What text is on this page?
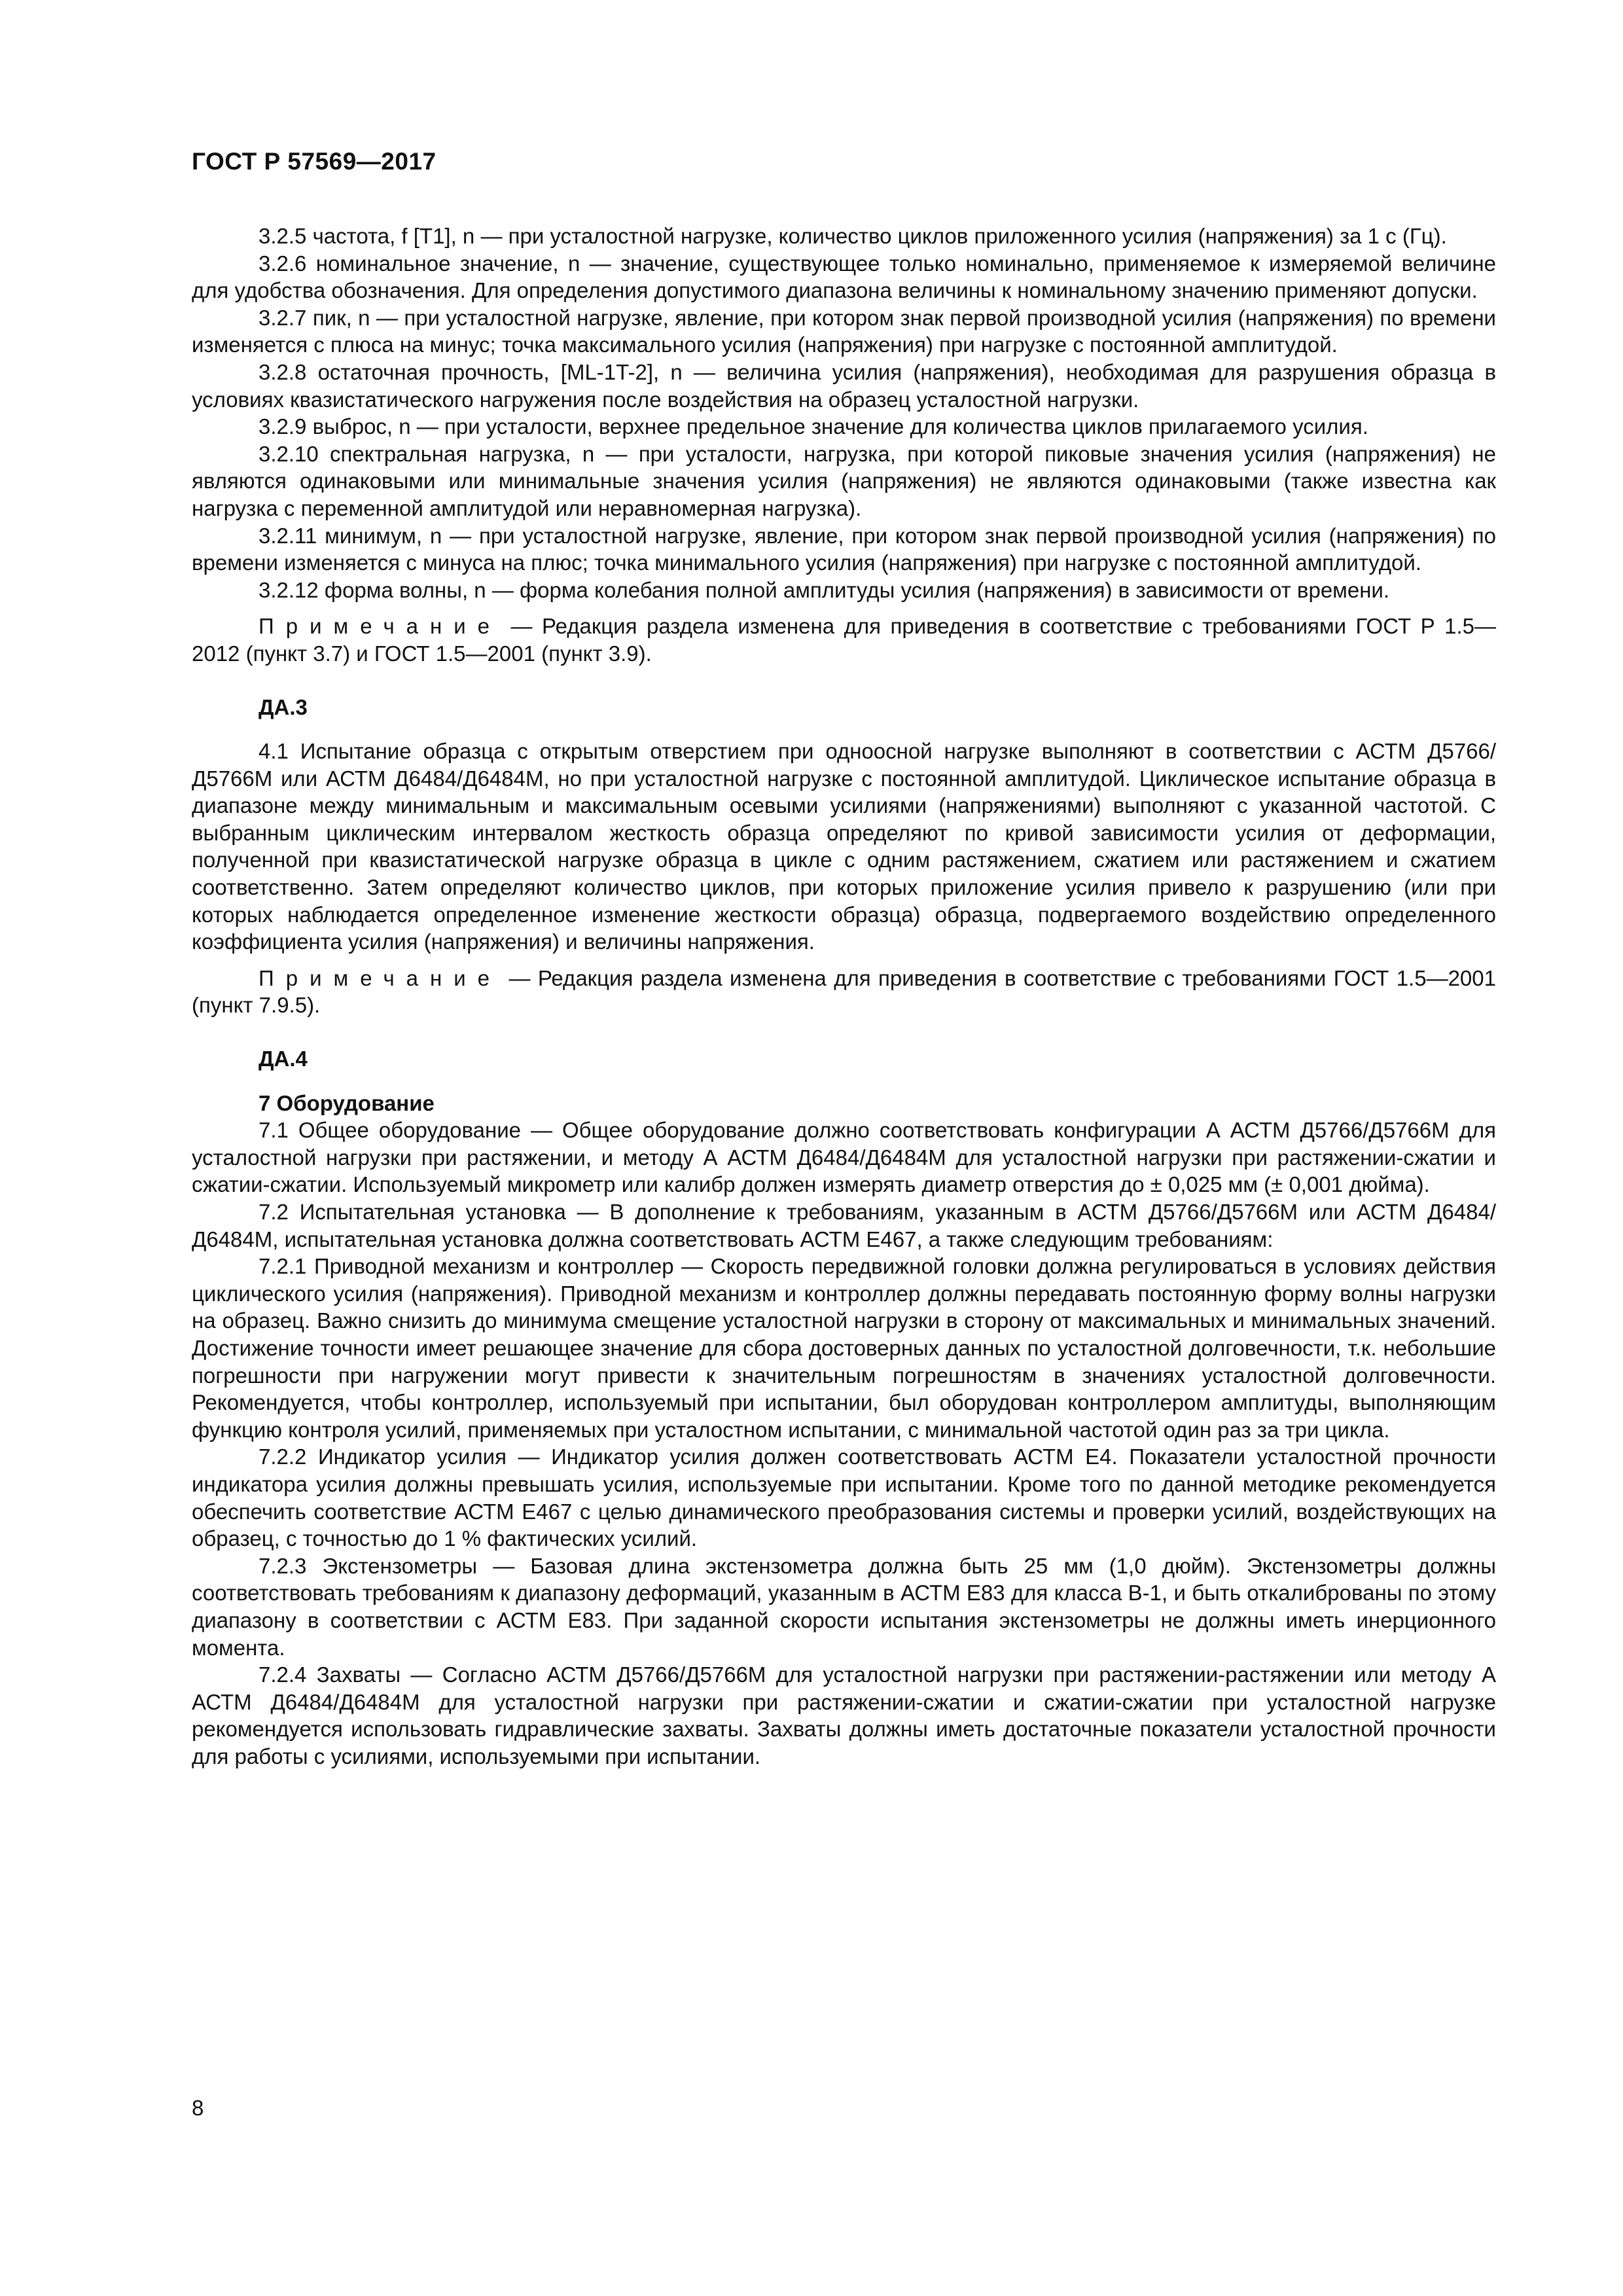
ГОСТ Р 57569—2017

3.2.5 частота, f [T1], n — при усталостной нагрузке, количество циклов приложенного усилия (напряжения) за 1 с (Гц).

3.2.6 номинальное значение, n — значение, существующее только номинально, применяемое к измеряемой величине для удобства обозначения. Для определения допустимого диапазона величины к номинальному значению применяют допуски.

3.2.7 пик, n — при усталостной нагрузке, явление, при котором знак первой производной усилия (напряжения) по времени изменяется с плюса на минус; точка максимального усилия (напряжения) при нагрузке с постоянной амплитудой.

3.2.8 остаточная прочность, [ML-1T-2], n — величина усилия (напряжения), необходимая для разрушения образца в условиях квазистатического нагружения после воздействия на образец усталостной нагрузки.

3.2.9 выброс, n — при усталости, верхнее предельное значение для количества циклов прилагаемого усилия.

3.2.10 спектральная нагрузка, n — при усталости, нагрузка, при которой пиковые значения усилия (напряжения) не являются одинаковыми или минимальные значения усилия (напряжения) не являются одинаковыми (также известна как нагрузка с переменной амплитудой или неравномерная нагрузка).

3.2.11 минимум, n — при усталостной нагрузке, явление, при котором знак первой производной усилия (напряжения) по времени изменяется с минуса на плюс; точка минимального усилия (напряжения) при нагрузке с постоянной амплитудой.

3.2.12 форма волны, n — форма колебания полной амплитуды усилия (напряжения) в зависимости от времени.

Примечание — Редакция раздела изменена для приведения в соответствие с требованиями ГОСТ Р 1.5—2012 (пункт 3.7) и ГОСТ 1.5—2001 (пункт 3.9).

ДА.3

4.1 Испытание образца с открытым отверстием при одноосной нагрузке выполняют в соответствии с АСТМ Д5766/Д5766М или АСТМ Д6484/Д6484М, но при усталостной нагрузке с постоянной амплитудой. Циклическое испытание образца в диапазоне между минимальным и максимальным осевыми усилиями (напряжениями) выполняют с указанной частотой. С выбранным циклическим интервалом жесткость образца определяют по кривой зависимости усилия от деформации, полученной при квазистатической нагрузке образца в цикле с одним растяжением, сжатием или растяжением и сжатием соответственно. Затем определяют количество циклов, при которых приложение усилия привело к разрушению (или при которых наблюдается определенное изменение жесткости образца) образца, подвергаемого воздействию определенного коэффициента усилия (напряжения) и величины напряжения.

Примечание — Редакция раздела изменена для приведения в соответствие с требованиями ГОСТ 1.5—2001 (пункт 7.9.5).

ДА.4
7 Оборудование

7.1 Общее оборудование — Общее оборудование должно соответствовать конфигурации А АСТМ Д5766/Д5766М для усталостной нагрузки при растяжении, и методу А АСТМ Д6484/Д6484М для усталостной нагрузки при растяжении-сжатии и сжатии-сжатии. Используемый микрометр или калибр должен измерять диаметр отверстия до ± 0,025 мм (± 0,001 дюйма).

7.2 Испытательная установка — В дополнение к требованиям, указанным в АСТМ Д5766/Д5766М или АСТМ Д6484/Д6484М, испытательная установка должна соответствовать АСТМ Е467, а также следующим требованиям:

7.2.1 Приводной механизм и контроллер — Скорость передвижной головки должна регулироваться в условиях действия циклического усилия (напряжения). Приводной механизм и контроллер должны передавать постоянную форму волны нагрузки на образец. Важно снизить до минимума смещение усталостной нагрузки в сторону от максимальных и минимальных значений. Достижение точности имеет решающее значение для сбора достоверных данных по усталостной долговечности, т.к. небольшие погрешности при нагружении могут привести к значительным погрешностям в значениях усталостной долговечности. Рекомендуется, чтобы контроллер, используемый при испытании, был оборудован контроллером амплитуды, выполняющим функцию контроля усилий, применяемых при усталостном испытании, с минимальной частотой один раз за три цикла.

7.2.2 Индикатор усилия — Индикатор усилия должен соответствовать АСТМ Е4. Показатели усталостной прочности индикатора усилия должны превышать усилия, используемые при испытании. Кроме того по данной методике рекомендуется обеспечить соответствие АСТМ Е467 с целью динамического преобразования системы и проверки усилий, воздействующих на образец, с точностью до 1 % фактических усилий.

7.2.3 Экстензометры — Базовая длина экстензометра должна быть 25 мм (1,0 дюйм). Экстензометры должны соответствовать требованиям к диапазону деформаций, указанным в АСТМ Е83 для класса В-1, и быть откалиброваны по этому диапазону в соответствии с АСТМ Е83. При заданной скорости испытания экстензометры не должны иметь инерционного момента.

7.2.4 Захваты — Согласно АСТМ Д5766/Д5766М для усталостной нагрузки при растяжении-растяжении или методу А АСТМ Д6484/Д6484М для усталостной нагрузки при растяжении-сжатии и сжатии-сжатии при усталостной нагрузке рекомендуется использовать гидравлические захваты. Захваты должны иметь достаточные показатели усталостной прочности для работы с усилиями, используемыми при испытании.

8
